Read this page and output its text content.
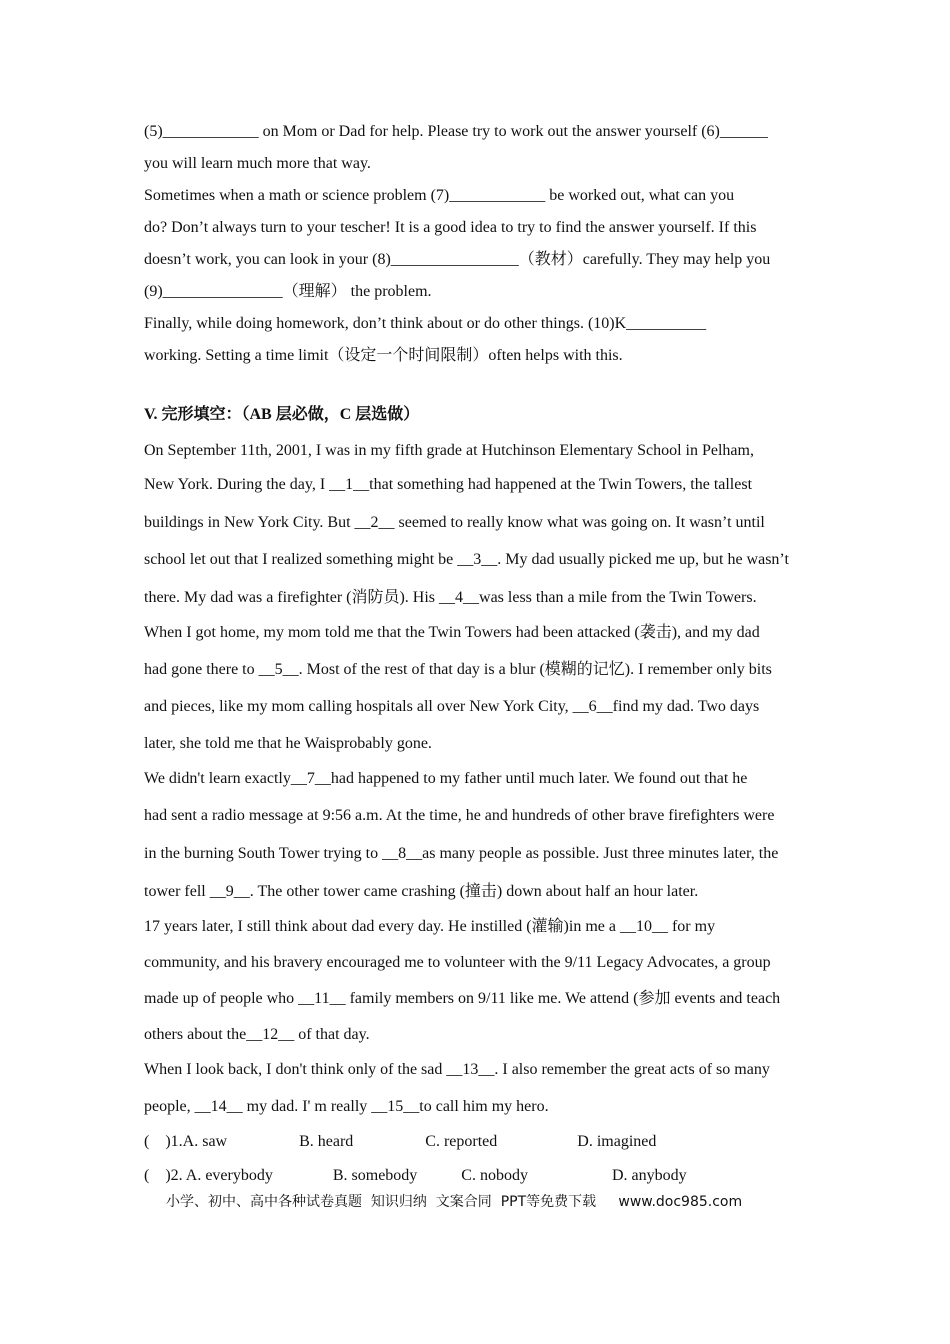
(5)____________ on Mom or Dad for help. Please try to work out the answer yourself (6)______
you will learn much more that way.
Sometimes when a math or science problem (7)____________ be worked out, what can you
do? Don’t always turn to your tescher! It is a good idea to try to find the answer yourself. If this
doesn’t work, you can look in your (8)________________（教材）carefully. They may help you
(9)_______________（理解） the problem.
Finally, while doing homework, don’t think about or do other things. (10)K__________
working. Setting a time limit（设定一个时间限制）often helps with this.
V. 完形填空：（AB 层必做，C 层选做）
On September 11th, 2001, I was in my fifth grade at Hutchinson Elementary School in Pelham,
New York. During the day, I __1__that something had happened at the Twin Towers, the tallest
buildings in New York City. But __2__ seemed to really know what was going on. It wasn’t until
school let out that I realized something might be __3__. My dad usually picked me up, but he wasn’t
there. My dad was a firefighter (消防员). His __4__was less than a mile from the Twin Towers.
When I got home, my mom told me that the Twin Towers had been attacked (袭击), and my dad
had gone there to __5__. Most of the rest of that day is a blur (模糊的记忆). I remember only bits
and pieces, like my mom calling hospitals all over New York City, __6__find my dad. Two days
later, she told me that he Waisprobably gone.
We didn't learn exactly__7__had happened to my father until much later. We found out that he
had sent a radio message at 9:56 a.m. At the time, he and hundreds of other brave firefighters were
in the burning South Tower trying to __8__as many people as possible. Just three minutes later, the
tower fell __9__. The other tower came crashing (撞击) down about half an hour later.
17 years later, I still think about dad every day. He instilled (灌输)in me a __10__ for my
community, and his bravery encouraged me to volunteer with the 9/11 Legacy Advocates, a group
made up of people who __11__ family members on 9/11 like me. We attend (参加 events and teach
others about the__12__ of that day.
When I look back, I don't think only of the sad __13__. I also remember the great acts of so many
people, __14__ my dad. I' m really __15__to call him my hero.
(    )1.A. saw                  B. heard                  C. reported                    D. imagined
(    )2. A. everybody               B. somebody           C. nobody                     D. anybody
小学、初中、高中各种试卷真题  知识归纳  文案合同  PPT等免费下载     www.doc985.com
